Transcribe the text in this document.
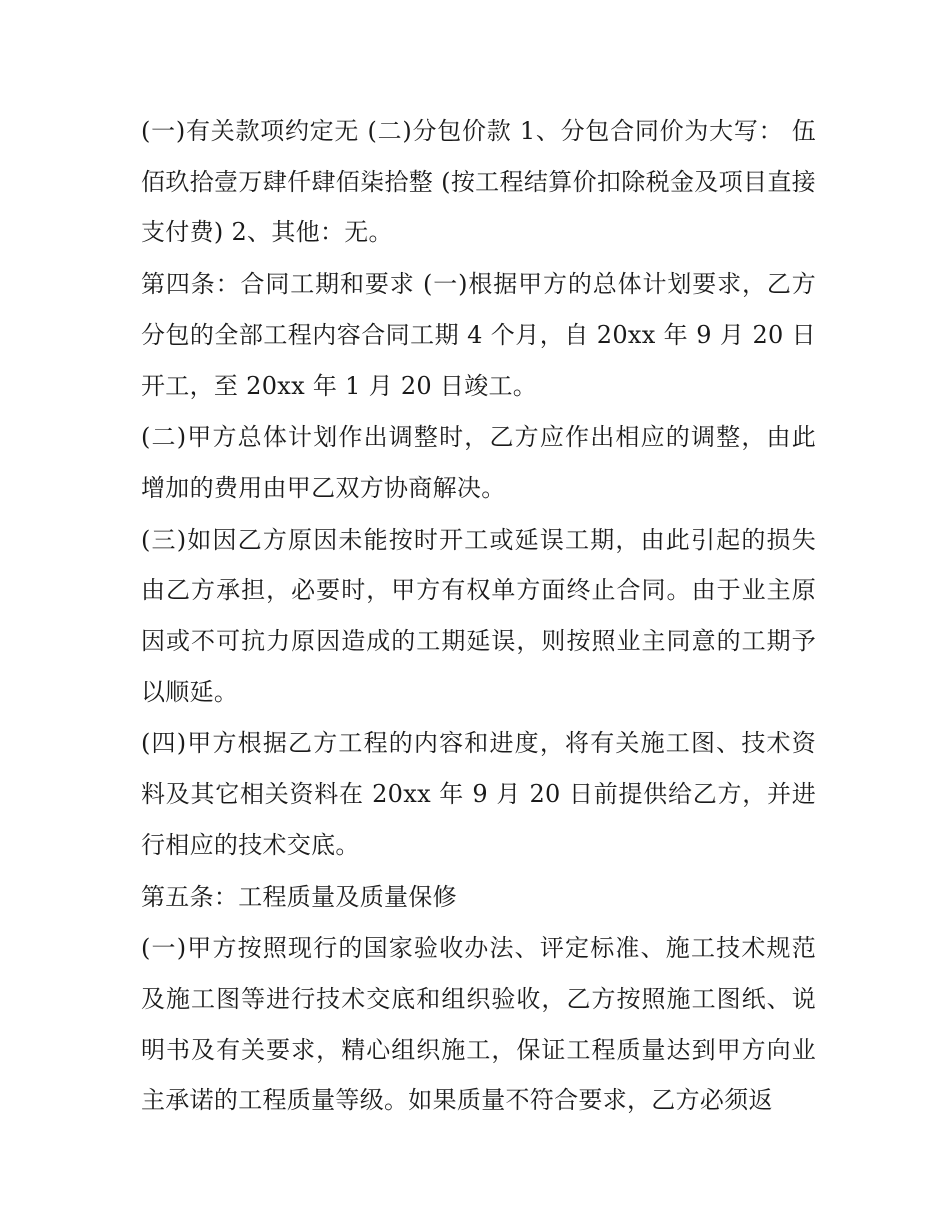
(一)有关款项约定无 (二)分包价款 1、分包合同价为大写： 伍佰玖拾壹万肆仟肆佰柒拾整 (按工程结算价扣除税金及项目直接支付费) 2、其他：无。

第四条：合同工期和要求 (一)根据甲方的总体计划要求，乙方分包的全部工程内容合同工期 4 个月，自 20xx 年 9 月 20 日开工，至 20xx 年 1 月 20 日竣工。

(二)甲方总体计划作出调整时，乙方应作出相应的调整，由此增加的费用由甲乙双方协商解决。

(三)如因乙方原因未能按时开工或延误工期，由此引起的损失由乙方承担，必要时，甲方有权单方面终止合同。由于业主原因或不可抗力原因造成的工期延误，则按照业主同意的工期予以顺延。

(四)甲方根据乙方工程的内容和进度，将有关施工图、技术资料及其它相关资料在 20xx 年 9 月 20 日前提供给乙方，并进行相应的技术交底。

第五条：工程质量及质量保修

(一)甲方按照现行的国家验收办法、评定标准、施工技术规范及施工图等进行技术交底和组织验收，乙方按照施工图纸、说明书及有关要求，精心组织施工，保证工程质量达到甲方向业主承诺的工程质量等级。如果质量不符合要求，乙方必须返
